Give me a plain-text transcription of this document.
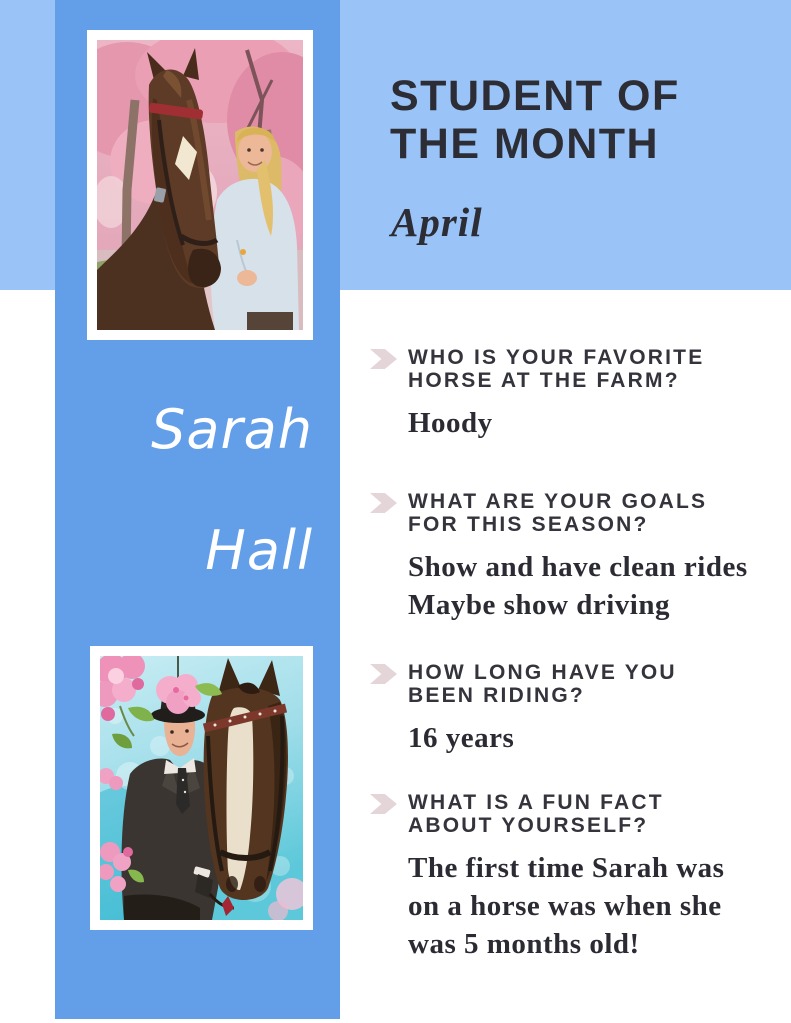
STUDENT OF
THE MONTH
April
Sarah
Hall
WHO IS YOUR FAVORITE
HORSE AT THE FARM?
Hoody
WHAT ARE YOUR GOALS
FOR THIS SEASON?
Show and have clean rides
Maybe show driving
HOW LONG HAVE YOU
BEEN RIDING?
16 years
WHAT IS A FUN FACT
ABOUT YOURSELF?
The first time Sarah was
on a horse was when she
was 5 months old!
